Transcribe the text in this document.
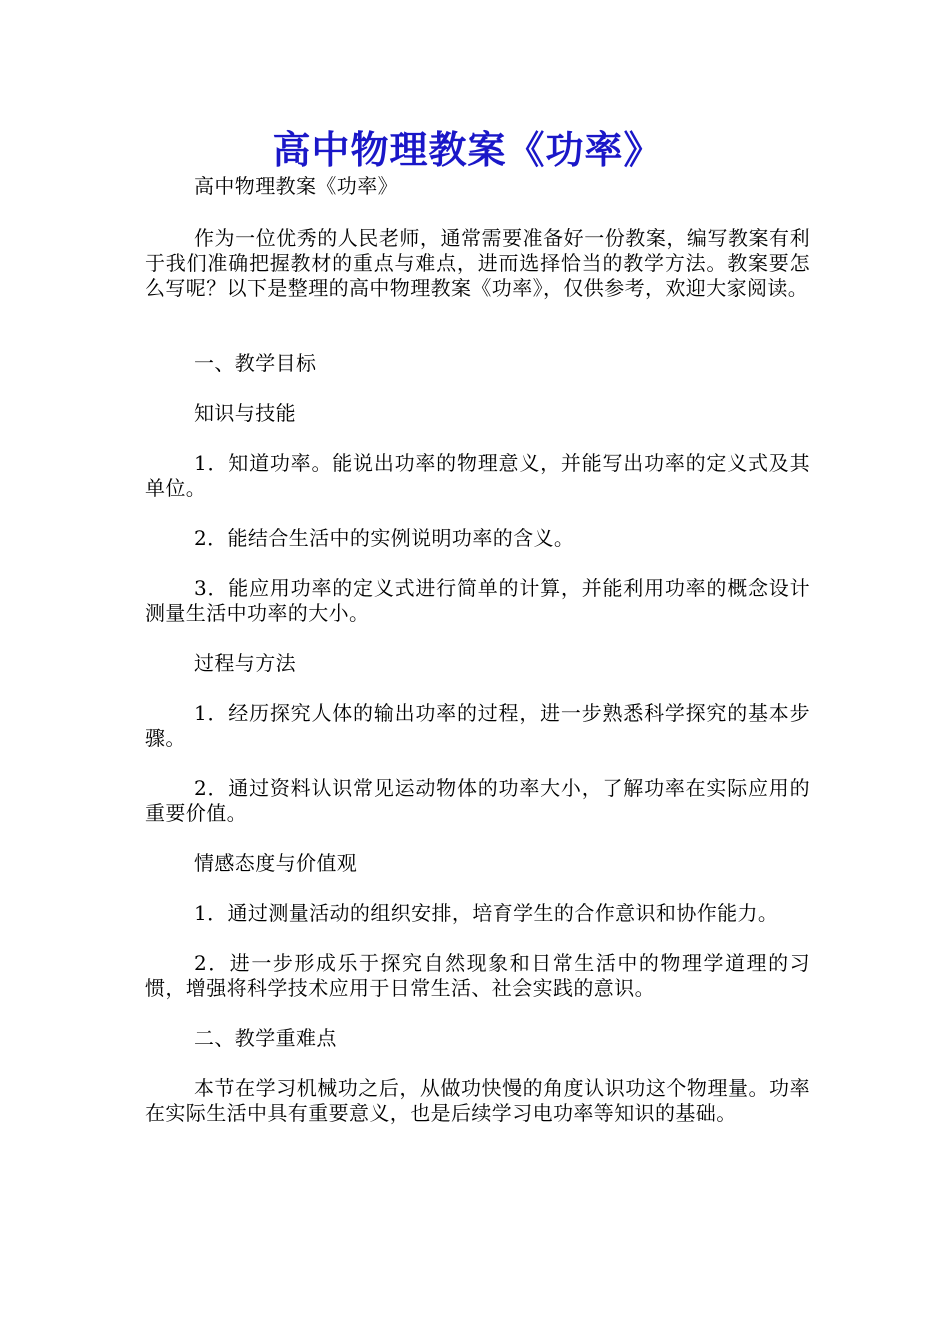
高中物理教案《功率》

高中物理教案《功率》

作为一位优秀的人民老师，通常需要准备好一份教案，编写教案有利于我们准确把握教材的重点与难点，进而选择恰当的教学方法。教案要怎么写呢？以下是整理的高中物理教案《功率》，仅供参考，欢迎大家阅读。

一、教学目标

知识与技能

1．知道功率。能说出功率的物理意义，并能写出功率的定义式及其单位。

2．能结合生活中的实例说明功率的含义。

3．能应用功率的定义式进行简单的计算，并能利用功率的概念设计测量生活中功率的大小。

过程与方法

1．经历探究人体的输出功率的过程，进一步熟悉科学探究的基本步骤。

2．通过资料认识常见运动物体的功率大小，了解功率在实际应用的重要价值。

情感态度与价值观

1．通过测量活动的组织安排，培育学生的合作意识和协作能力。

2．进一步形成乐于探究自然现象和日常生活中的物理学道理的习惯，增强将科学技术应用于日常生活、社会实践的意识。

二、教学重难点

本节在学习机械功之后，从做功快慢的角度认识功这个物理量。功率在实际生活中具有重要意义，也是后续学习电功率等知识的基础。
